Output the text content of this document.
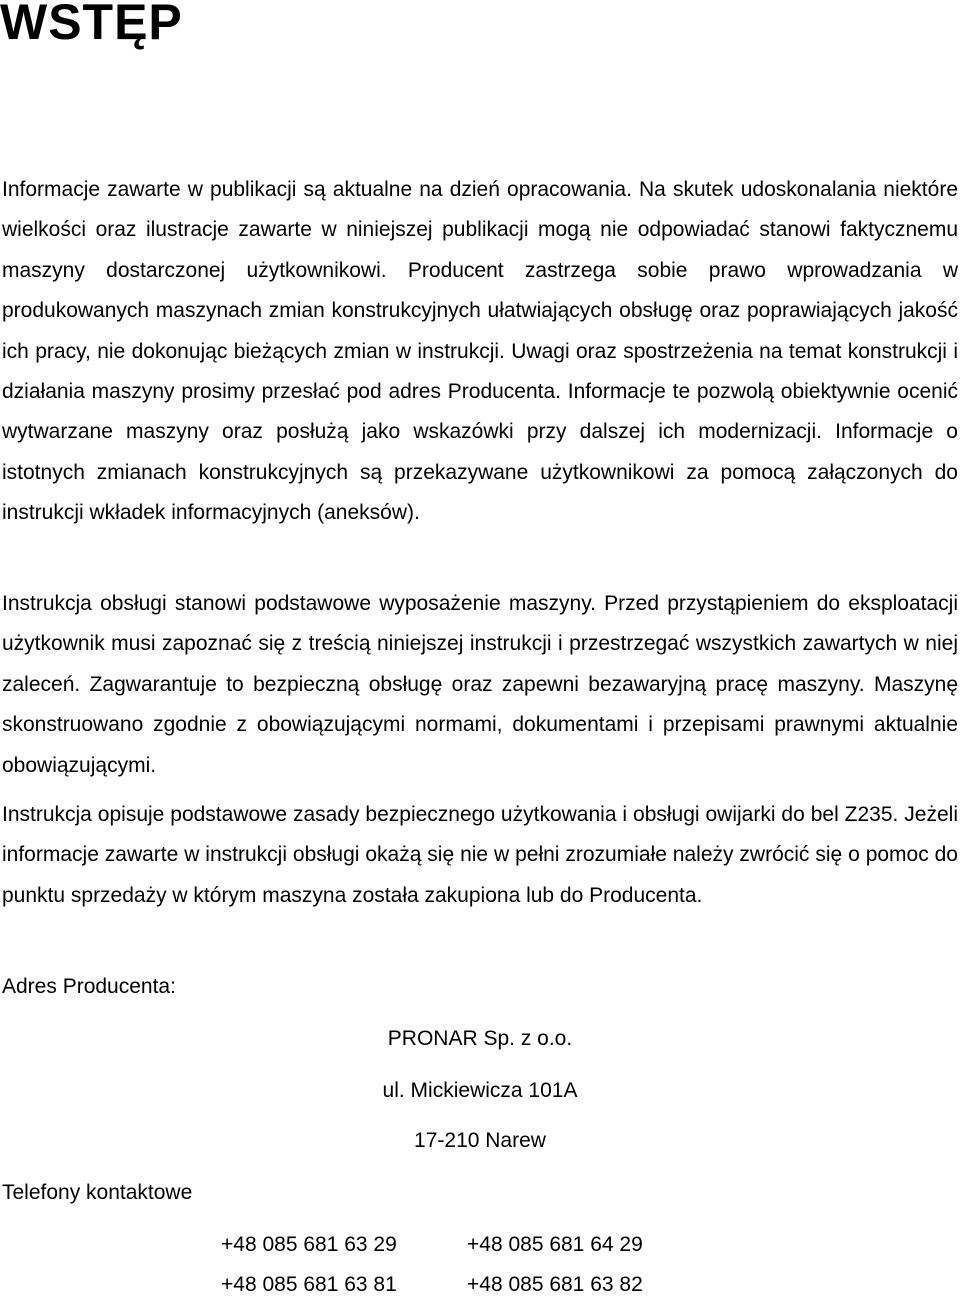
WSTĘP

Informacje zawarte w publikacji są aktualne na dzień opracowania. Na skutek udoskonalania niektóre wielkości oraz ilustracje zawarte w niniejszej publikacji mogą nie odpowiadać stanowi faktycznemu maszyny dostarczonej użytkownikowi. Producent zastrzega sobie prawo wprowadzania w produkowanych maszynach zmian konstrukcyjnych ułatwiających obsługę oraz poprawiających jakość ich pracy, nie dokonując bieżących zmian w instrukcji. Uwagi oraz spostrzeżenia na temat konstrukcji i działania maszyny prosimy przesłać pod adres Producenta. Informacje te pozwolą obiektywnie ocenić wytwarzane maszyny oraz posłużą jako wskazówki przy dalszej ich modernizacji. Informacje o istotnych zmianach konstrukcyjnych są przekazywane użytkownikowi za pomocą załączonych do instrukcji wkładek informacyjnych (aneksów).

Instrukcja obsługi stanowi podstawowe wyposażenie maszyny. Przed przystąpieniem do eksploatacji użytkownik musi zapoznać się z treścią niniejszej instrukcji i przestrzegać wszystkich zawartych w niej zaleceń. Zagwarantuje to bezpieczną obsługę oraz zapewni bezawaryjną pracę maszyny. Maszynę skonstruowano zgodnie z obowiązującymi normami, dokumentami i przepisami prawnymi aktualnie obowiązującymi.

Instrukcja opisuje podstawowe zasady bezpiecznego użytkowania i obsługi owijarki do bel Z235. Jeżeli informacje zawarte w instrukcji obsługi okażą się nie w pełni zrozumiałe należy zwrócić się o pomoc do punktu sprzedaży w którym maszyna została zakupiona lub do Producenta.

Adres Producenta:

PRONAR Sp. z o.o.

ul. Mickiewicza 101A

17-210 Narew

Telefony kontaktowe

+48 085 681 63 29	+48 085 681 64 29

+48 085 681 63 81	+48 085 681 63 82
